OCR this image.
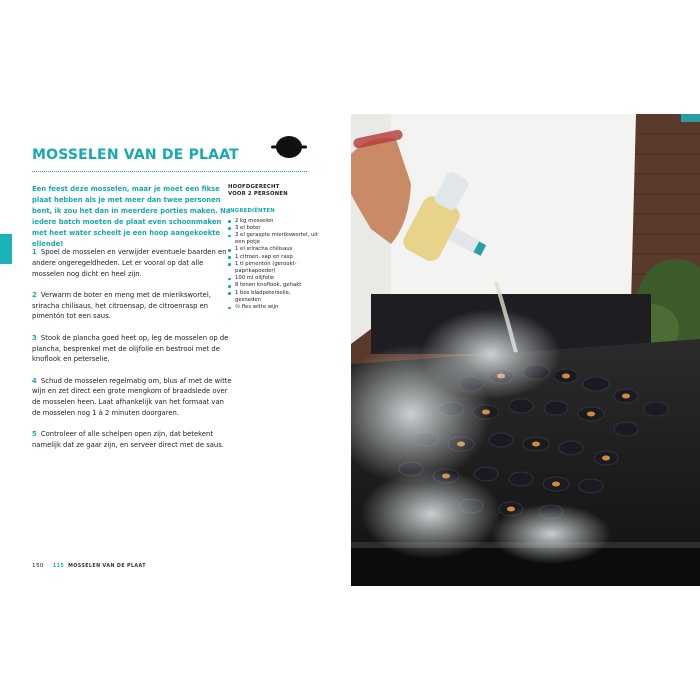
MOSSELEN VAN DE PLAAT

Een feest deze mosselen, maar je moet een fikse plaat hebben als je met meer dan twee personen bent, ik zou het dan in meerdere porties maken. Na iedere batch moeten de plaat even schoonmaken met heet water scheelt je een hoop aangekoekte ellende!

1 Spoel de mosselen en verwijder eventuele baarden en andere ongeregeldheden. Let er vooral op dat alle mosselen nog dicht en heel zijn.

2 Verwarm de boter en meng met de mierikswortel, sriracha chilisaus, het citroensap, de citroenrasp en pimentón tot een saus.

3 Stook de plancha goed heet op, leg de mosselen op de plancha, besprenkel met de olijfolie en bestrooi met de knoflook en peterselie.

4 Schud de mosselen regelmatig om, blus af met de witte wijn en zet direct een grote mengkom of braadslede over de mosselen heen. Laat afhankelijk van het formaat van de mosselen nog 1 à 2 minuten doorgaren.

5 Controleer of alle schelpen open zijn, dat betekent namelijk dat ze gaar zijn, en serveer direct met de saus.

HOOFDGERECHT
VOOR 2 PERSONEN
INGREDIËNTEN
2 kg mosselen
3 el boter
3 el geraspte mierikswortel, uit een potje
1 el sriracha chilisaus
1 citroen, sap en rasp
1 tl pimentón (gerookt-paprikapoeder)
100 ml olijfolie
8 tenen knoflook, gehakt
1 bos bladpeterselie, gesneden
½ fles witte wijn
150 115 MOSSELEN VAN DE PLAAT
